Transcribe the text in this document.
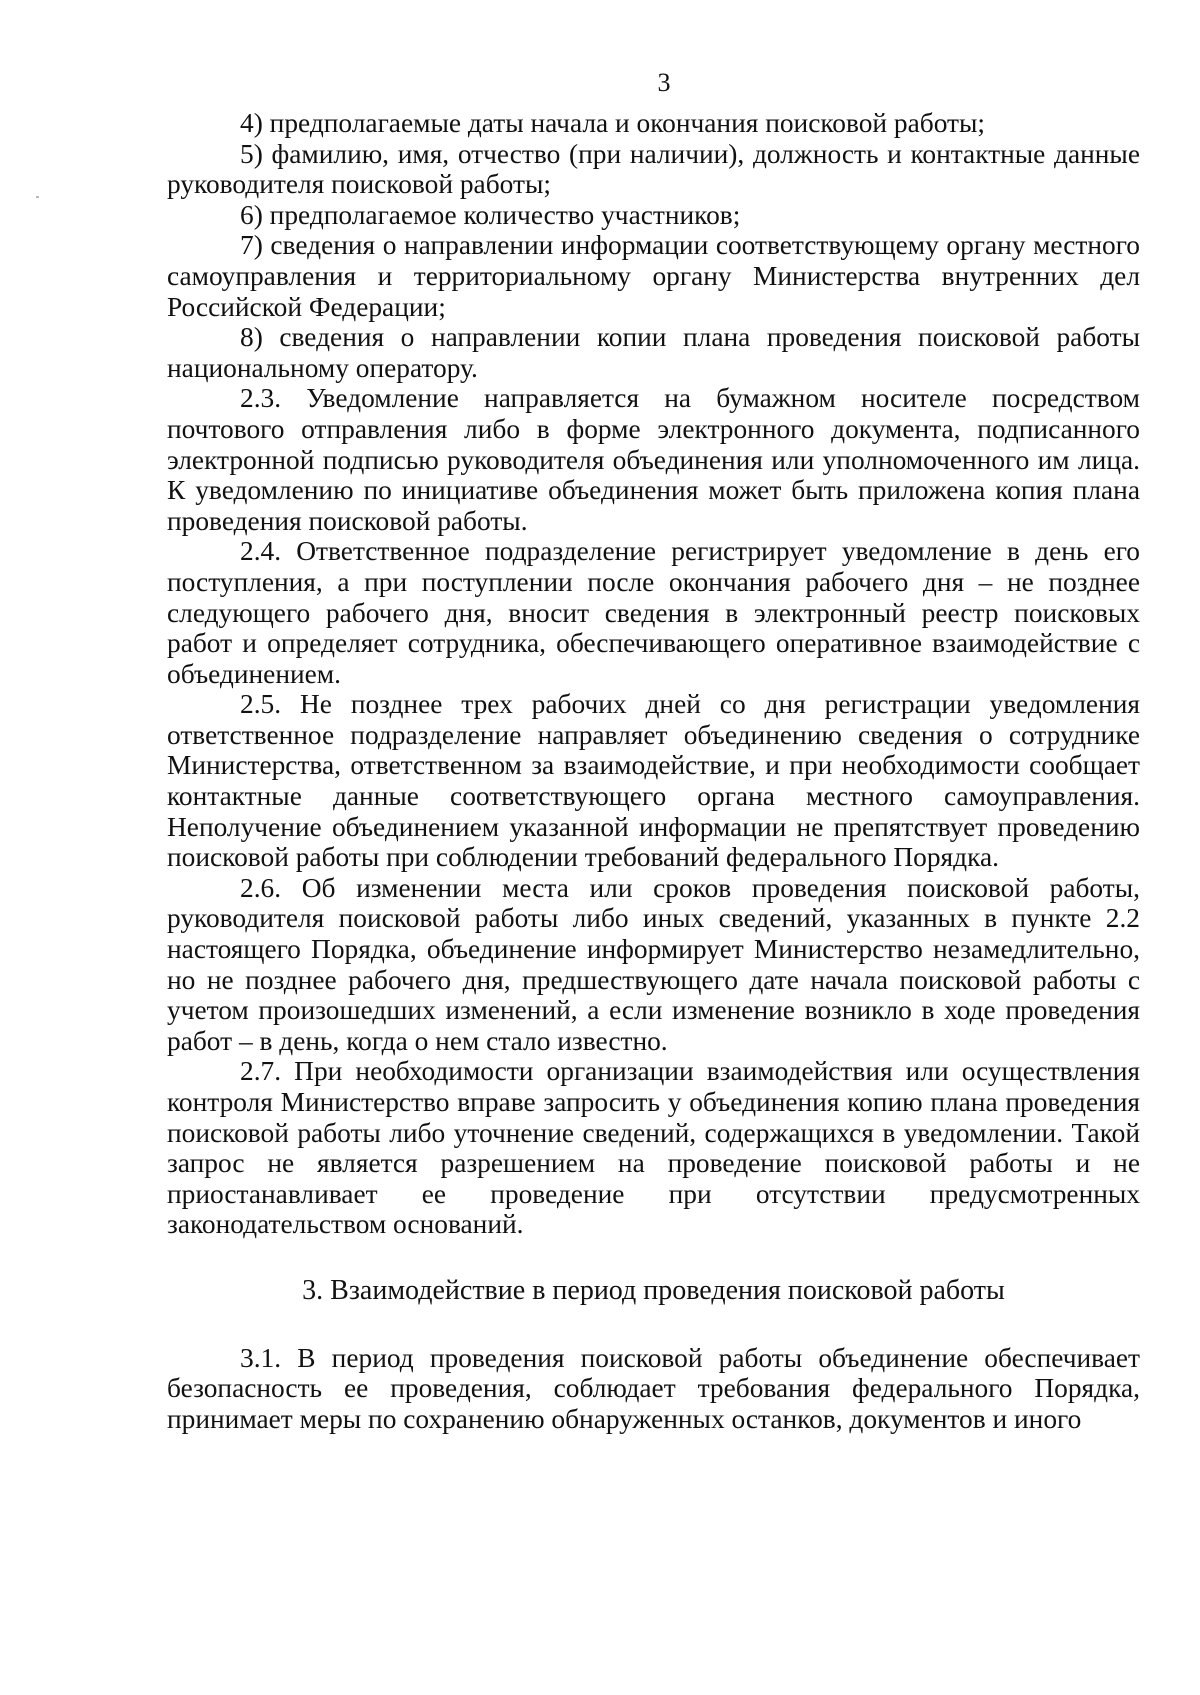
3

4) предполагаемые даты начала и окончания поисковой работы;

5) фамилию, имя, отчество (при наличии), должность и контактные данные руководителя поисковой работы;

6) предполагаемое количество участников;

7) сведения о направлении информации соответствующему органу местного самоуправления и территориальному органу Министерства внутренних дел Российской Федерации;

8) сведения о направлении копии плана проведения поисковой работы национальному оператору.

2.3. Уведомление направляется на бумажном носителе посредством почтового отправления либо в форме электронного документа, подписанного электронной подписью руководителя объединения или уполномоченного им лица. К уведомлению по инициативе объединения может быть приложена копия плана проведения поисковой работы.

2.4. Ответственное подразделение регистрирует уведомление в день его поступления, а при поступлении после окончания рабочего дня – не позднее следующего рабочего дня, вносит сведения в электронный реестр поисковых работ и определяет сотрудника, обеспечивающего оперативное взаимодействие с объединением.

2.5. Не позднее трех рабочих дней со дня регистрации уведомления ответственное подразделение направляет объединению сведения о сотруднике Министерства, ответственном за взаимодействие, и при необходимости сообщает контактные данные соответствующего органа местного самоуправления. Неполучение объединением указанной информации не препятствует проведению поисковой работы при соблюдении требований федерального Порядка.

2.6. Об изменении места или сроков проведения поисковой работы, руководителя поисковой работы либо иных сведений, указанных в пункте 2.2 настоящего Порядка, объединение информирует Министерство незамедлительно, но не позднее рабочего дня, предшествующего дате начала поисковой работы с учетом произошедших изменений, а если изменение возникло в ходе проведения работ – в день, когда о нем стало известно.

2.7. При необходимости организации взаимодействия или осуществления контроля Министерство вправе запросить у объединения копию плана проведения поисковой работы либо уточнение сведений, содержащихся в уведомлении. Такой запрос не является разрешением на проведение поисковой работы и не приостанавливает ее проведение при отсутствии предусмотренных законодательством оснований.

3. Взаимодействие в период проведения поисковой работы

3.1. В период проведения поисковой работы объединение обеспечивает безопасность ее проведения, соблюдает требования федерального Порядка, принимает меры по сохранению обнаруженных останков, документов и иного
